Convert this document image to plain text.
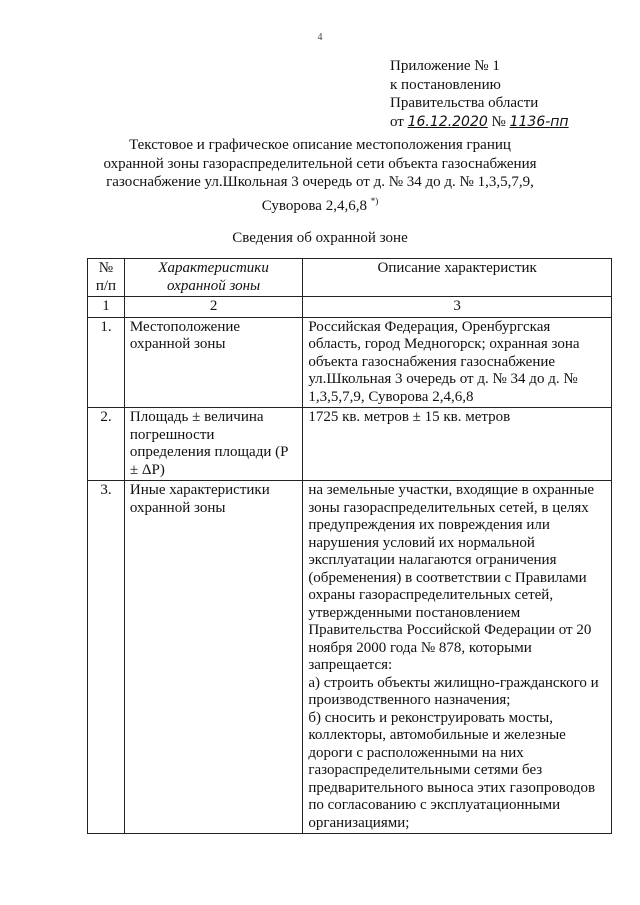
4
Приложение № 1
к постановлению
Правительства области
от 16.12.2020 № 1136-пп
Текстовое и графическое описание местоположения границ
охранной зоны газораспределительной сети объекта газоснабжения
газоснабжение ул.Школьная 3 очередь от д. № 34 до д. № 1,3,5,7,9,
Суворова 2,4,6,8 *)
Сведения об охранной зоне
№ п/п	Характеристики охранной зоны	Описание характеристик
1	2	3
1.	Местоположение охранной зоны	Российская Федерация, Оренбургская область, город Медногорск; охранная зона объекта газоснабжения газоснабжение ул.Школьная 3 очередь от д. № 34 до д. № 1,3,5,7,9, Суворова 2,4,6,8
2.	Площадь ± величина погрешности определения площади (P ± ΔP)	1725 кв. метров ± 15 кв. метров
3.	Иные характеристики охранной зоны	на земельные участки, входящие в охранные зоны газораспределительных сетей, в целях предупреждения их повреждения или нарушения условий их нормальной эксплуатации налагаются ограничения (обременения) в соответствии с Правилами охраны газораспределительных сетей, утвержденными постановлением Правительства Российской Федерации от 20 ноября 2000 года № 878, которыми запрещается:
а) строить объекты жилищно-гражданского и производственного назначения;
б) сносить и реконструировать мосты, коллекторы, автомобильные и железные дороги с расположенными на них газораспределительными сетями без предварительного выноса этих газопроводов по согласованию с эксплуатационными организациями;
